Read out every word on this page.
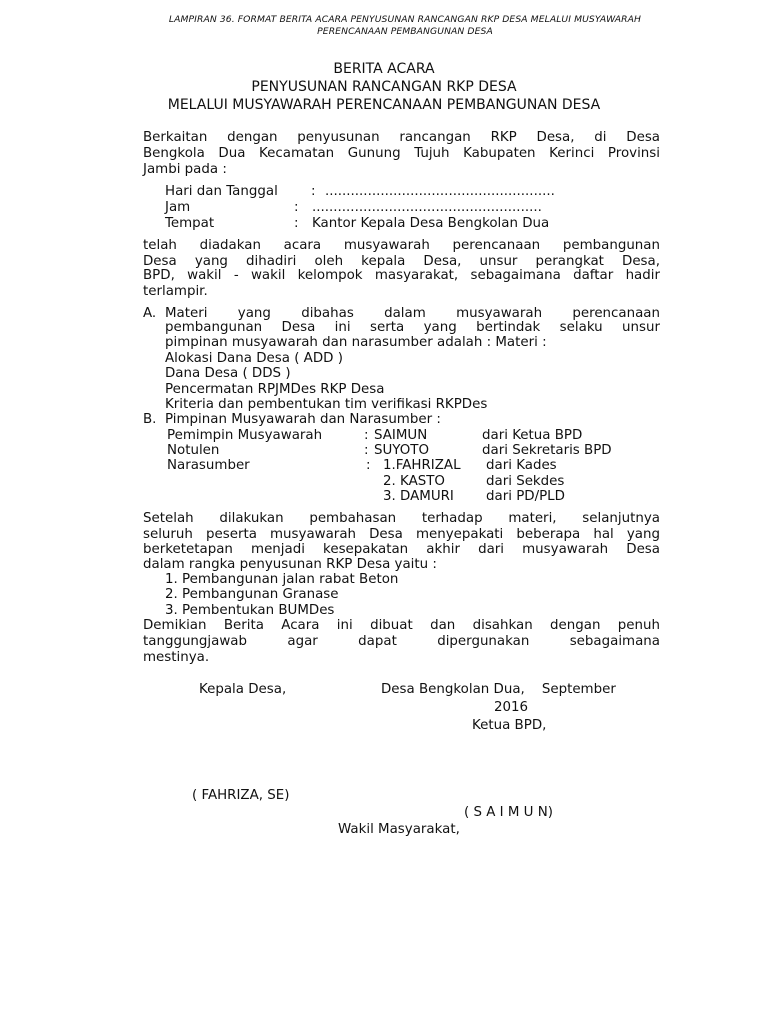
LAMPIRAN 36. FORMAT BERITA ACARA PENYUSUNAN RANCANGAN RKP DESA MELALUI MUSYAWARAH
PERENCANAAN PEMBANGUNAN DESA
BERITA ACARA
PENYUSUNAN RANCANGAN RKP DESA
MELALUI MUSYAWARAH PERENCANAAN PEMBANGUNAN DESA
Berkaitan dengan penyusunan rancangan RKP Desa, di Desa
Bengkola Dua Kecamatan Gunung Tujuh Kabupaten Kerinci Provinsi
Jambi pada :
Hari dan Tanggal : ......................................................
Jam	: ......................................................
Tempat	: Kantor Kepala Desa Bengkolan Dua
telah diadakan acara musyawarah perencanaan pembangunan
Desa yang dihadiri oleh kepala Desa, unsur perangkat Desa,
BPD, wakil - wakil kelompok masyarakat, sebagaimana daftar hadir
terlampir.
A. Materi yang dibahas dalam musyawarah perencanaan
pembangunan Desa ini serta yang bertindak selaku unsur
pimpinan musyawarah dan narasumber adalah : Materi :
Alokasi Dana Desa ( ADD )
Dana Desa ( DDS )
Pencermatan RPJMDes RKP Desa
Kriteria dan pembentukan tim verifikasi RKPDes
B. Pimpinan Musyawarah dan Narasumber :
Pemimpin Musyawarah	: SAIMUN	dari Ketua BPD
Notulen	: SUYOTO	dari Sekretaris BPD
Narasumber	: 1.FAHRIZAL dari Kades
2. KASTO	dari Sekdes
3. DAMURI dari PD/PLD
Setelah dilakukan pembahasan terhadap materi, selanjutnya
seluruh peserta musyawarah Desa menyepakati beberapa hal yang
berketetapan menjadi kesepakatan akhir dari musyawarah Desa
dalam rangka penyusunan RKP Desa yaitu :
1. Pembangunan jalan rabat Beton
2. Pembangunan Granase
3. Pembentukan BUMDes
Demikian Berita Acara ini dibuat dan disahkan dengan penuh
tanggungjawab agar dapat dipergunakan sebagaimana
mestinya.
Kepala Desa,	Desa Bengkolan Dua,    September
2016
Ketua BPD,
( FAHRIZA, SE)
( S A I M U N)
Wakil Masyarakat,
